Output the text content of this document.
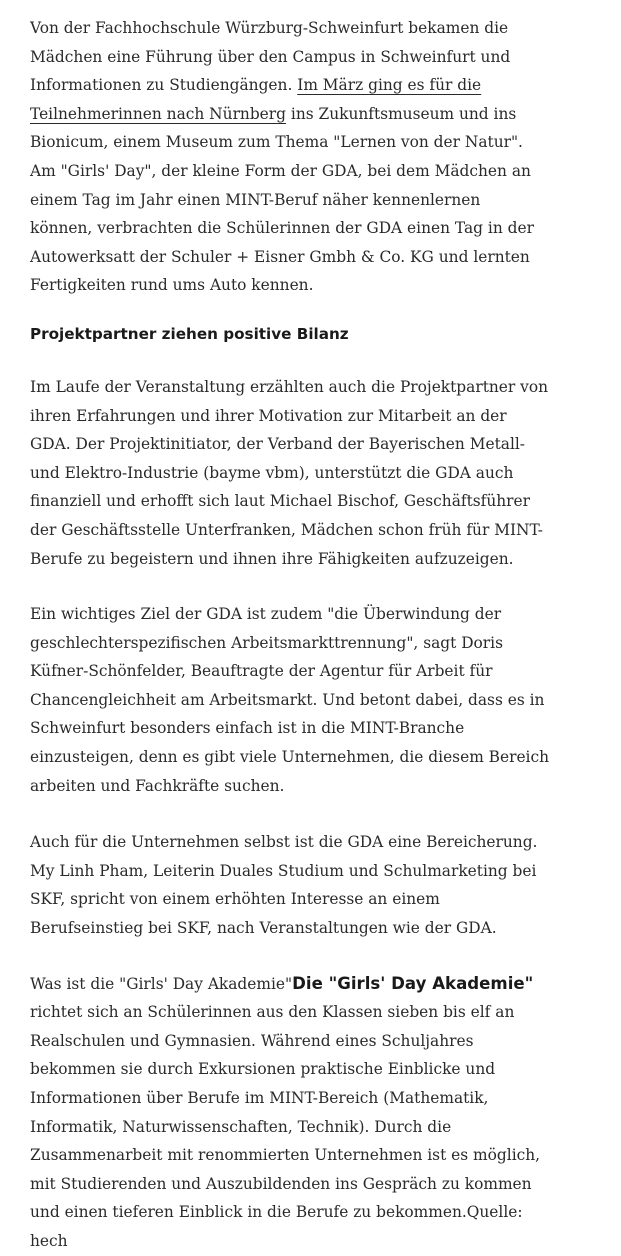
Von der Fachhochschule Würzburg-Schweinfurt bekamen die
Mädchen eine Führung über den Campus in Schweinfurt und
Informationen zu Studiengängen. Im März ging es für die
Teilnehmerinnen nach Nürnberg ins Zukunftsmuseum und ins
Bionicum, einem Museum zum Thema "Lernen von der Natur".
Am "Girls' Day", der kleine Form der GDA, bei dem Mädchen an
einem Tag im Jahr einen MINT-Beruf näher kennenlernen
können, verbrachten die Schülerinnen der GDA einen Tag in der
Autowerksatt der Schuler + Eisner Gmbh & Co. KG und lernten
Fertigkeiten rund ums Auto kennen.

Projektpartner ziehen positive Bilanz

Im Laufe der Veranstaltung erzählten auch die Projektpartner von
ihren Erfahrungen und ihrer Motivation zur Mitarbeit an der
GDA. Der Projektinitiator, der Verband der Bayerischen Metall-
und Elektro-Industrie (bayme vbm), unterstützt die GDA auch
finanziell und erhofft sich laut Michael Bischof, Geschäftsführer
der Geschäftsstelle Unterfranken, Mädchen schon früh für MINT-
Berufe zu begeistern und ihnen ihre Fähigkeiten aufzuzeigen.

Ein wichtiges Ziel der GDA ist zudem "die Überwindung der
geschlechterspezifischen Arbeitsmarkttrennung", sagt Doris
Küfner-Schönfelder, Beauftragte der Agentur für Arbeit für
Chancengleichheit am Arbeitsmarkt. Und betont dabei, dass es in
Schweinfurt besonders einfach ist in die MINT-Branche
einzusteigen, denn es gibt viele Unternehmen, die diesem Bereich
arbeiten und Fachkräfte suchen.

Auch für die Unternehmen selbst ist die GDA eine Bereicherung.
My Linh Pham, Leiterin Duales Studium und Schulmarketing bei
SKF, spricht von einem erhöhten Interesse an einem
Berufseinstieg bei SKF, nach Veranstaltungen wie der GDA.

Was ist die "Girls' Day Akademie"Die "Girls' Day Akademie"
richtet sich an Schülerinnen aus den Klassen sieben bis elf an
Realschulen und Gymnasien. Während eines Schuljahres
bekommen sie durch Exkursionen praktische Einblicke und
Informationen über Berufe im MINT-Bereich (Mathematik,
Informatik, Naturwissenschaften, Technik). Durch die
Zusammenarbeit mit renommierten Unternehmen ist es möglich,
mit Studierenden und Auszubildenden ins Gespräch zu kommen
und einen tieferen Einblick in die Berufe zu bekommen.Quelle:
hech
